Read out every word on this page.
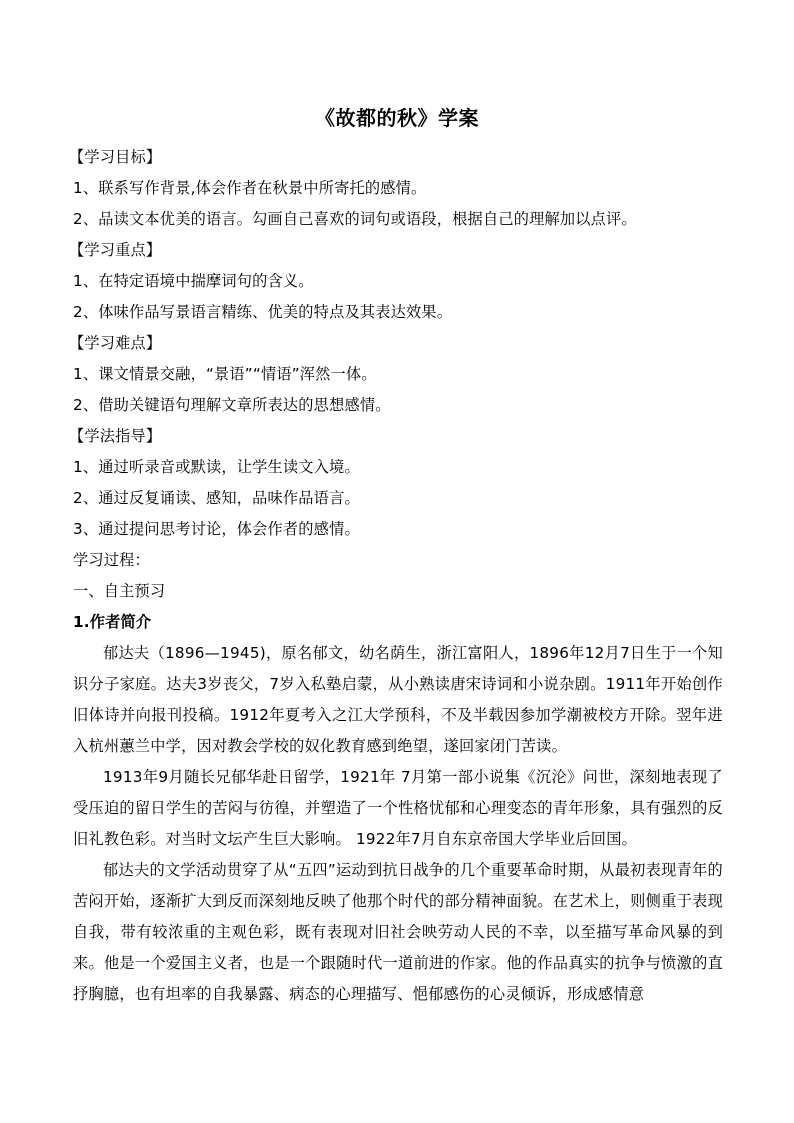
《故都的秋》学案
【学习目标】
1、联系写作背景,体会作者在秋景中所寄托的感情。
2、品读文本优美的语言。勾画自己喜欢的词句或语段，根据自己的理解加以点评。
【学习重点】
1、在特定语境中揣摩词句的含义。
2、体味作品写景语言精练、优美的特点及其表达效果。
【学习难点】
1、课文情景交融，“景语”“情语”浑然一体。
2、借助关键语句理解文章所表达的思想感情。
【学法指导】
1、通过听录音或默读，让学生读文入境。
2、通过反复诵读、感知，品味作品语言。
3、通过提问思考讨论，体会作者的感情。
学习过程：
一、自主预习
1.作者简介
郁达夫（1896—1945)，原名郁文，幼名荫生，浙江富阳人，1896年12月7日生于一个知识分子家庭。达夫3岁丧父，7岁入私塾启蒙，从小熟读唐宋诗词和小说杂剧。1911年开始创作旧体诗并向报刊投稿。1912年夏考入之江大学预科，不及半载因参加学潮被校方开除。翌年进入杭州蕙兰中学，因对教会学校的奴化教育感到绝望，遂回家闭门苦读。
1913年9月随长兄郁华赴日留学，1921年 7月第一部小说集《沉沦》问世，深刻地表现了受压迫的留日学生的苦闷与彷徨，并塑造了一个性格忧郁和心理变态的青年形象，具有强烈的反旧礼教色彩。对当时文坛产生巨大影响。 1922年7月自东京帝国大学毕业后回国。
郁达夫的文学活动贯穿了从“五四”运动到抗日战争的几个重要革命时期，从最初表现青年的苦闷开始，逐渐扩大到反而深刻地反映了他那个时代的部分精神面貌。在艺术上，则侧重于表现自我，带有较浓重的主观色彩，既有表现对旧社会映劳动人民的不幸，以至描写革命风暴的到来。他是一个爱国主义者，也是一个跟随时代一道前进的作家。他的作品真实的抗争与愤激的直抒胸臆，也有坦率的自我暴露、病态的心理描写、悒郁感伤的心灵倾诉，形成感情意
